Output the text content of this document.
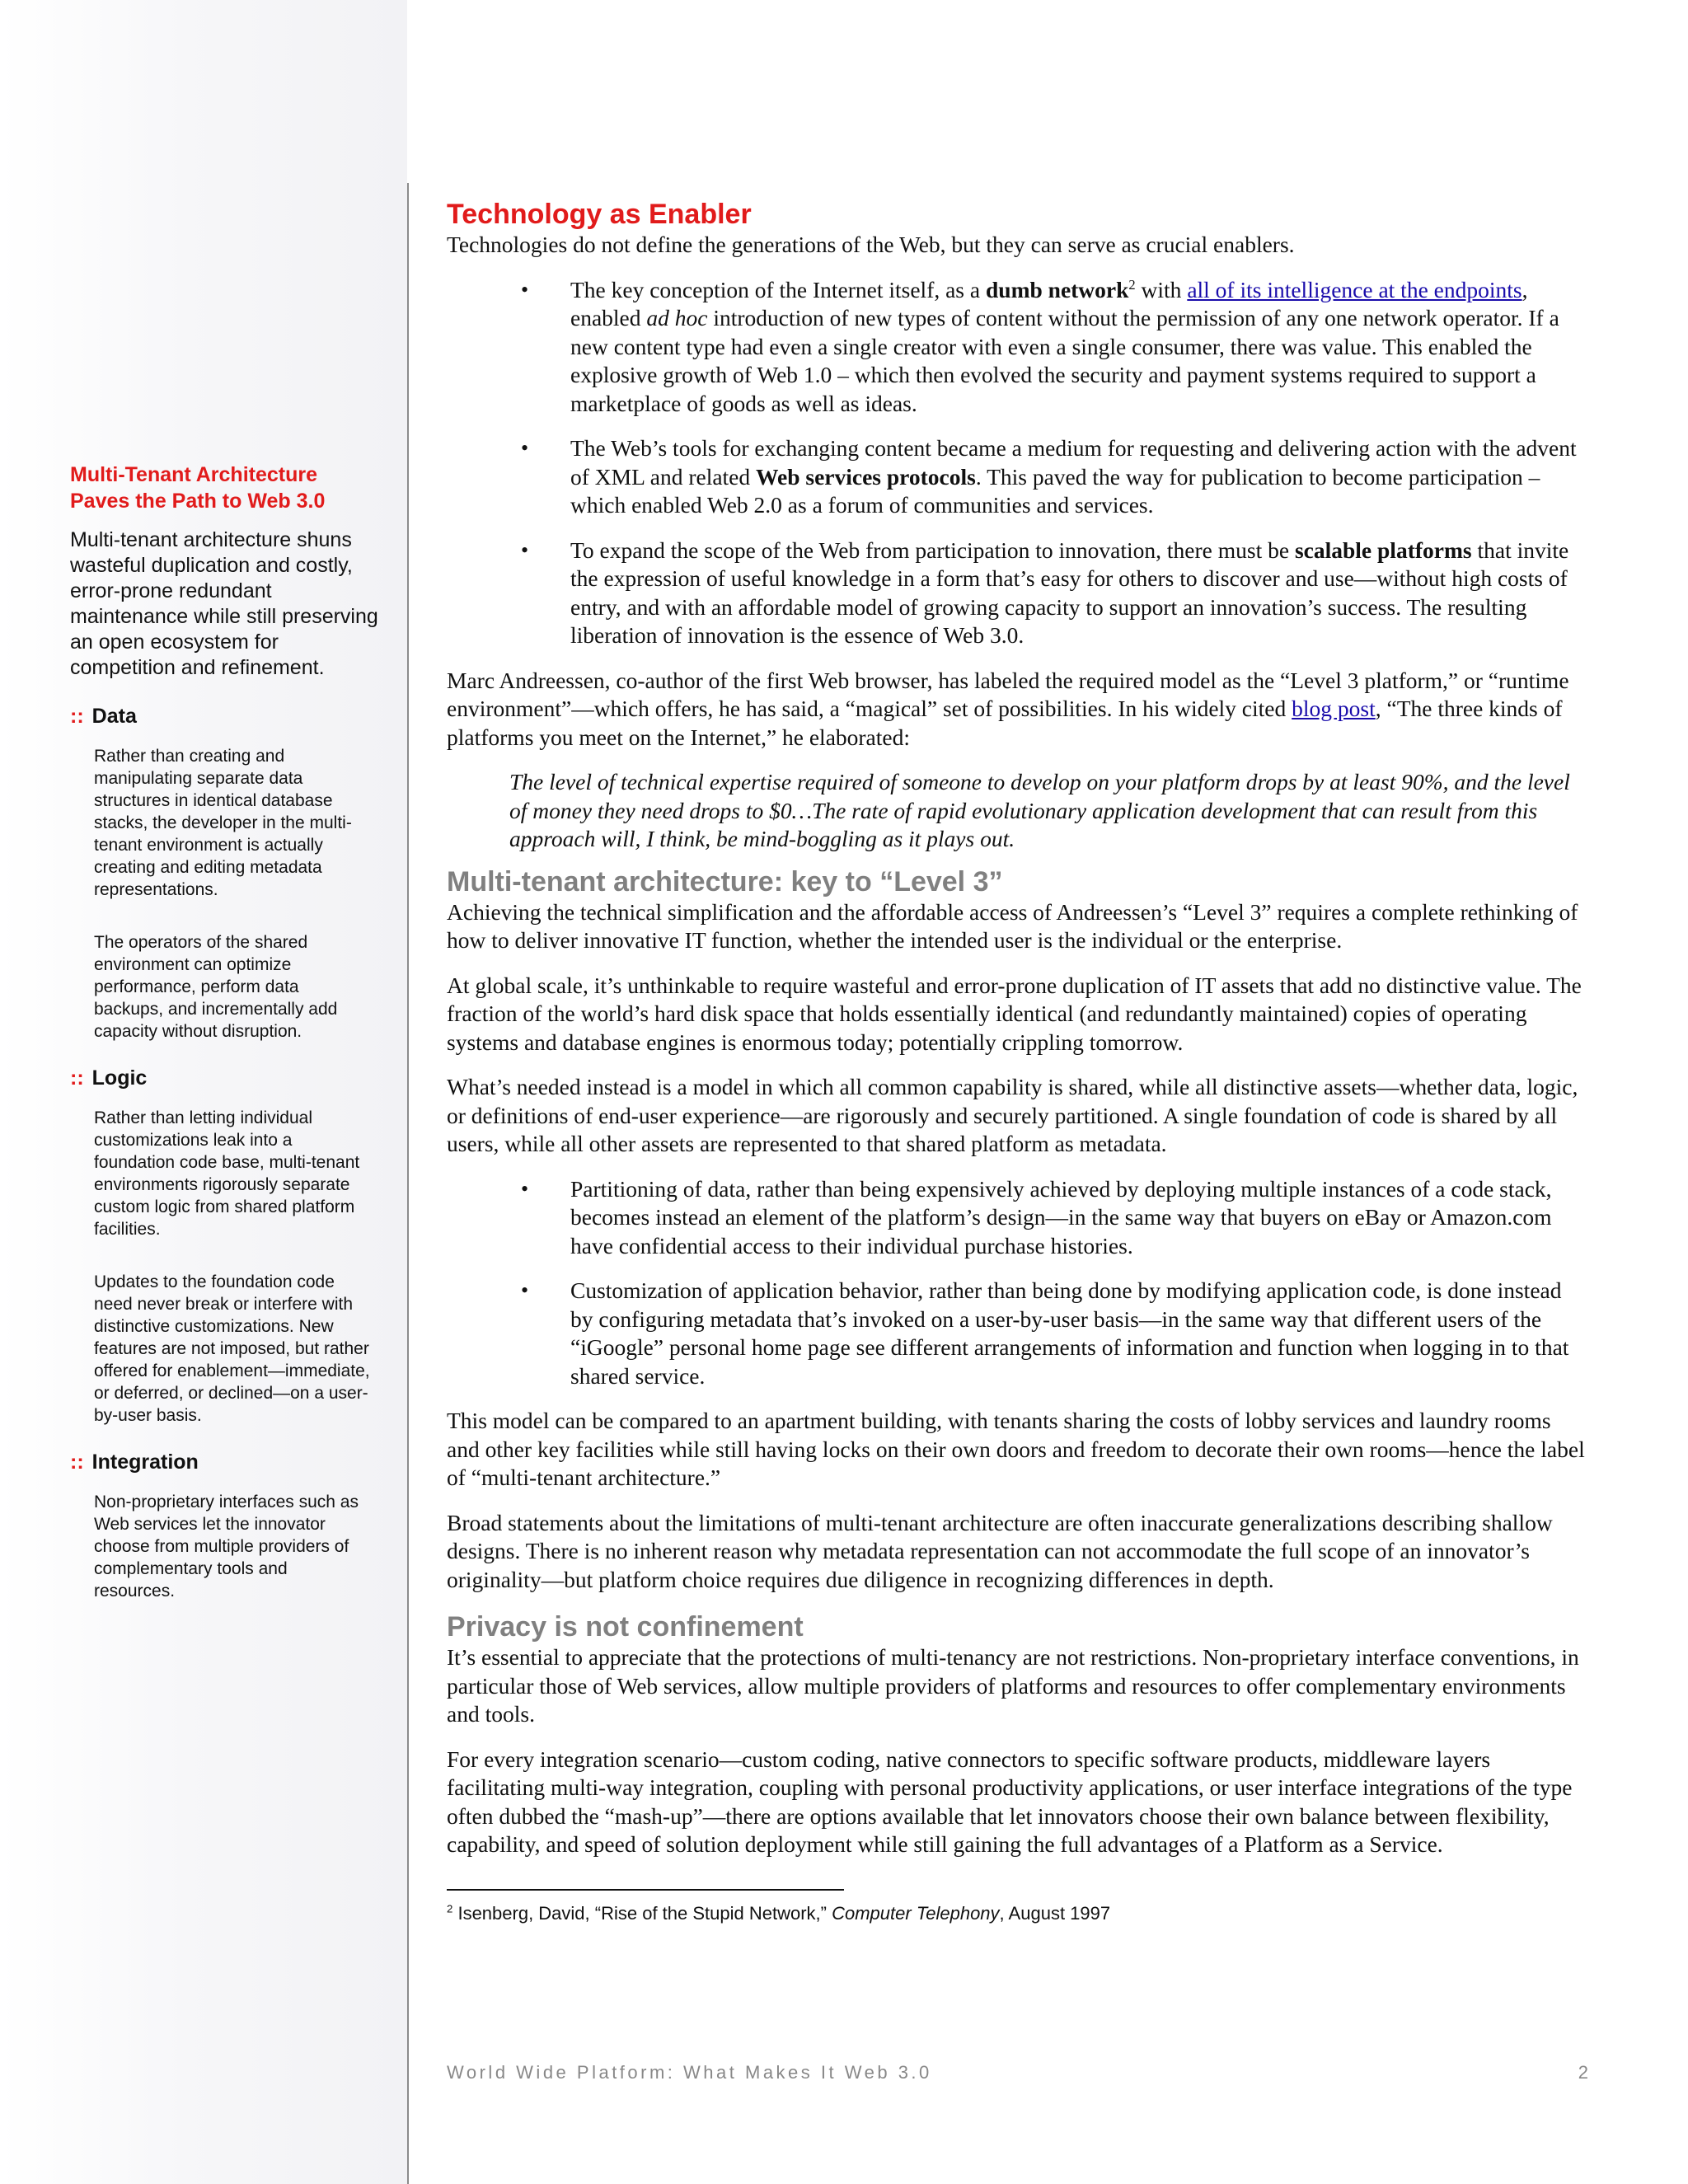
Multi-Tenant Architecture
Paves the Path to Web 3.0

Multi-tenant architecture shuns wasteful duplication and costly, error-prone redundant maintenance while still preserving an open ecosystem for competition and refinement.

:: Data

Rather than creating and manipulating separate data structures in identical database stacks, the developer in the multi-tenant environment is actually creating and editing metadata representations.

The operators of the shared environment can optimize performance, perform data backups, and incrementally add capacity without disruption.

:: Logic

Rather than letting individual customizations leak into a foundation code base, multi-tenant environments rigorously separate custom logic from shared platform facilities.

Updates to the foundation code need never break or interfere with distinctive customizations. New features are not imposed, but rather offered for enablement—immediate, or deferred, or declined—on a user-by-user basis.

:: Integration

Non-proprietary interfaces such as Web services let the innovator choose from multiple providers of complementary tools and resources.

Technology as Enabler

Technologies do not define the generations of the Web, but they can serve as crucial enablers.

• The key conception of the Internet itself, as a dumb network$^2$ with all of its intelligence at the endpoints, enabled ad hoc introduction of new types of content without the permission of any one network operator. If a new content type had even a single creator with even a single consumer, there was value. This enabled the explosive growth of Web 1.0 – which then evolved the security and payment systems required to support a marketplace of goods as well as ideas.
• The Web’s tools for exchanging content became a medium for requesting and delivering action with the advent of XML and related Web services protocols. This paved the way for publication to become participation – which enabled Web 2.0 as a forum of communities and services.
• To expand the scope of the Web from participation to innovation, there must be scalable platforms that invite the expression of useful knowledge in a form that’s easy for others to discover and use—without high costs of entry, and with an affordable model of growing capacity to support an innovation’s success. The resulting liberation of innovation is the essence of Web 3.0.

Marc Andreessen, co-author of the first Web browser, has labeled the required model as the “Level 3 platform,” or “runtime environment”—which offers, he has said, a “magical” set of possibilities. In his widely cited blog post, “The three kinds of platforms you meet on the Internet,” he elaborated:

The level of technical expertise required of someone to develop on your platform drops by at least 90%, and the level of money they need drops to $0…The rate of rapid evolutionary application development that can result from this approach will, I think, be mind-boggling as it plays out.

Multi-tenant architecture: key to “Level 3”

Achieving the technical simplification and the affordable access of Andreessen’s “Level 3” requires a complete rethinking of how to deliver innovative IT function, whether the intended user is the individual or the enterprise.

At global scale, it’s unthinkable to require wasteful and error-prone duplication of IT assets that add no distinctive value. The fraction of the world’s hard disk space that holds essentially identical (and redundantly maintained) copies of operating systems and database engines is enormous today; potentially crippling tomorrow.

What’s needed instead is a model in which all common capability is shared, while all distinctive assets—whether data, logic, or definitions of end-user experience—are rigorously and securely partitioned. A single foundation of code is shared by all users, while all other assets are represented to that shared platform as metadata.

• Partitioning of data, rather than being expensively achieved by deploying multiple instances of a code stack, becomes instead an element of the platform’s design—in the same way that buyers on eBay or Amazon.com have confidential access to their individual purchase histories.
• Customization of application behavior, rather than being done by modifying application code, is done instead by configuring metadata that’s invoked on a user-by-user basis—in the same way that different users of the “iGoogle” personal home page see different arrangements of information and function when logging in to that shared service.

This model can be compared to an apartment building, with tenants sharing the costs of lobby services and laundry rooms and other key facilities while still having locks on their own doors and freedom to decorate their own rooms—hence the label of “multi-tenant architecture.”

Broad statements about the limitations of multi-tenant architecture are often inaccurate generalizations describing shallow designs. There is no inherent reason why metadata representation can not accommodate the full scope of an innovator’s originality—but platform choice requires due diligence in recognizing differences in depth.

Privacy is not confinement

It’s essential to appreciate that the protections of multi-tenancy are not restrictions. Non-proprietary interface conventions, in particular those of Web services, allow multiple providers of platforms and resources to offer complementary environments and tools.

For every integration scenario—custom coding, native connectors to specific software products, middleware layers facilitating multi-way integration, coupling with personal productivity applications, or user interface integrations of the type often dubbed the “mash-up”—there are options available that let innovators choose their own balance between flexibility, capability, and speed of solution deployment while still gaining the full advantages of a Platform as a Service.

$^2$ Isenberg, David, “Rise of the Stupid Network,” Computer Telephony, August 1997
World Wide Platform: What Makes It Web 3.0	2
